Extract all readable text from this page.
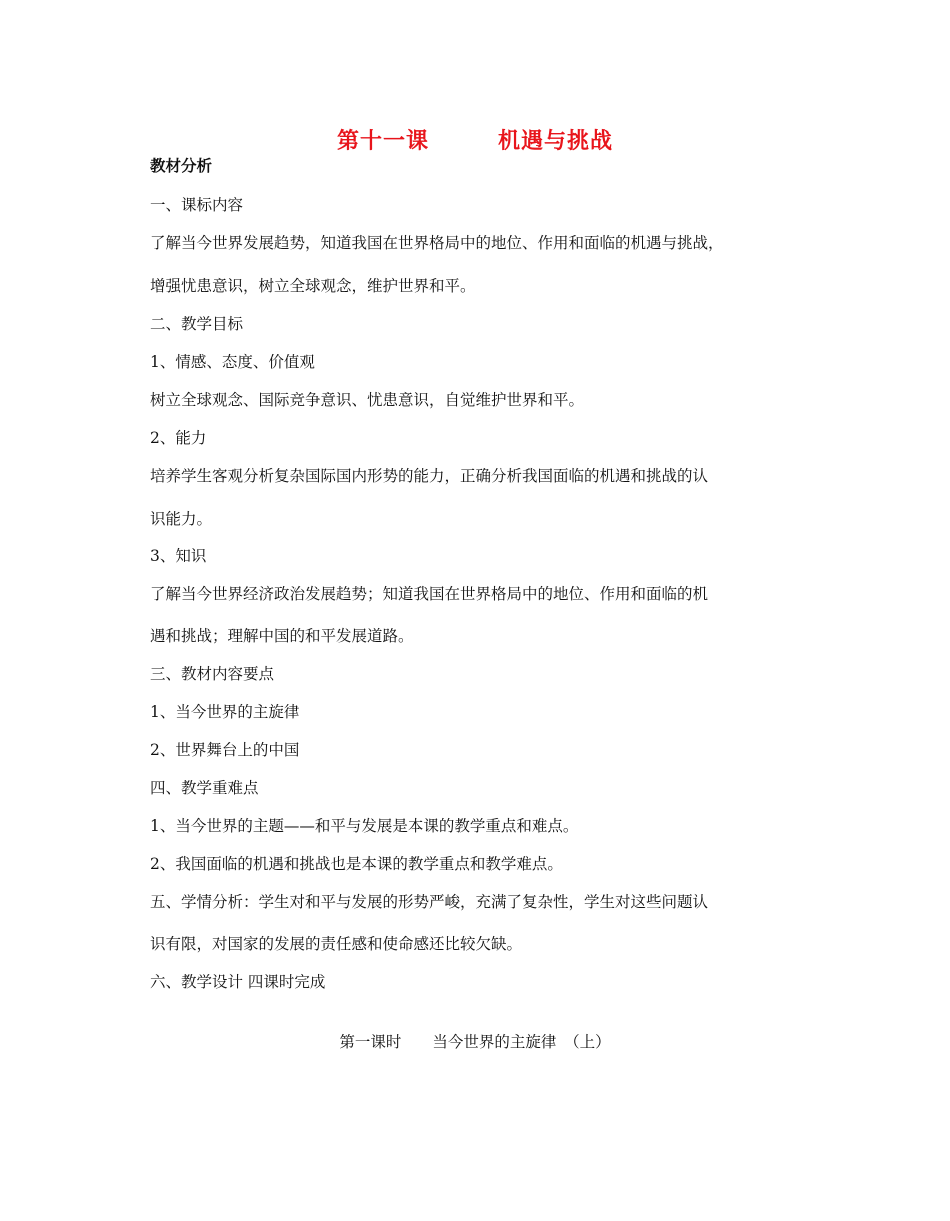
第十一课　　　机遇与挑战
教材分析
一、课标内容
了解当今世界发展趋势，知道我国在世界格局中的地位、作用和面临的机遇与挑战，
增强忧患意识，树立全球观念，维护世界和平。
二、教学目标
1、情感、态度、价值观
树立全球观念、国际竞争意识、忧患意识，自觉维护世界和平。
2、能力
培养学生客观分析复杂国际国内形势的能力，正确分析我国面临的机遇和挑战的认
识能力。
3、知识
了解当今世界经济政治发展趋势；知道我国在世界格局中的地位、作用和面临的机
遇和挑战；理解中国的和平发展道路。
三、教材内容要点
1、当今世界的主旋律
2、世界舞台上的中国
四、教学重难点
1、当今世界的主题——和平与发展是本课的教学重点和难点。
2、我国面临的机遇和挑战也是本课的教学重点和教学难点。
五、学情分析：学生对和平与发展的形势严峻，充满了复杂性，学生对这些问题认
识有限，对国家的发展的责任感和使命感还比较欠缺。
六、教学设计 四课时完成
第一课时　　当今世界的主旋律　（上）
